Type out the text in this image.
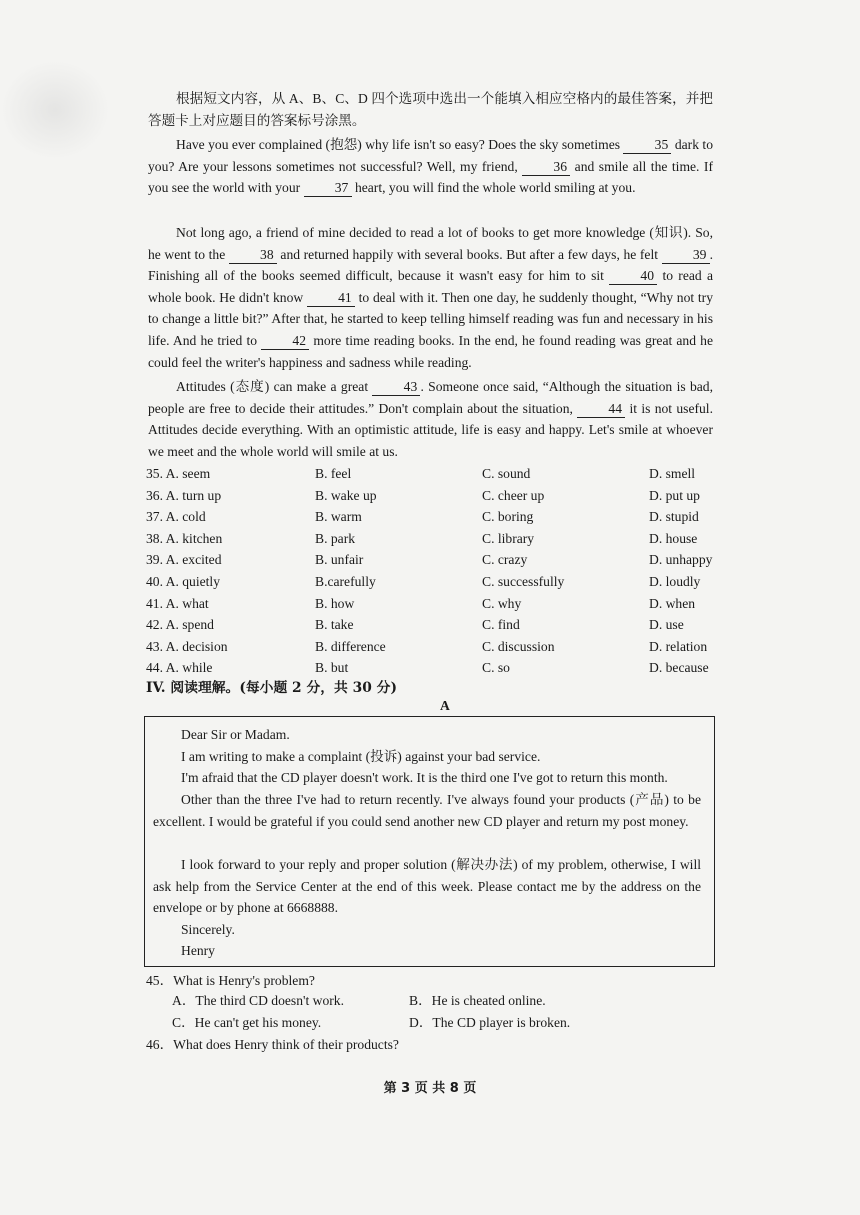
根据短文内容，从 A、B、C、D 四个选项中选出一个能填入相应空格内的最佳答案，并把答题卡上对应题目的答案标号涂黑。
Have you ever complained (抱怨) why life isn't so easy? Does the sky sometimes 35 dark to you? Are your lessons sometimes not successful? Well, my friend, 36 and smile all the time. If you see the world with your 37 heart, you will find the whole world smiling at you.
Not long ago, a friend of mine decided to read a lot of books to get more knowledge (知识). So, he went to the 38 and returned happily with several books. But after a few days, he felt 39 . Finishing all of the books seemed difficult, because it wasn't easy for him to sit 40 to read a whole book. He didn't know 41 to deal with it. Then one day, he suddenly thought, “Why not try to change a little bit?” After that, he started to keep telling himself reading was fun and necessary in his life. And he tried to 42 more time reading books. In the end, he found reading was great and he could feel the writer's happiness and sadness while reading.
Attitudes (态度) can make a great 43 . Someone once said, “Although the situation is bad, people are free to decide their attitudes.” Don't complain about the situation, 44 it is not useful. Attitudes decide everything. With an optimistic attitude, life is easy and happy. Let's smile at whoever we meet and the whole world will smile at us.
35. A. seem	B. feel	C. sound	D. smell
36. A. turn up	B. wake up	C. cheer up	D. put up
37. A. cold	B. warm	C. boring	D. stupid
38. A. kitchen	B. park	C. library	D. house
39. A. excited	B. unfair	C. crazy	D. unhappy
40. A. quietly	B.carefully	C. successfully	D. loudly
41. A. what	B. how	C. why	D. when
42. A. spend	B. take	C. find	D. use
43. A. decision	B. difference	C. discussion	D. relation
44. A. while	B. but	C. so	D. because
IV. 阅读理解。(每小题 2 分，共 30 分)
A
Dear Sir or Madam.
I am writing to make a complaint (投诉) against your bad service.
I'm afraid that the CD player doesn't work. It is the third one I've got to return this month.
Other than the three I've had to return recently. I've always found your products (产品) to be excellent. I would be grateful if you could send another new CD player and return my post money.
I look forward to your reply and proper solution (解决办法) of my problem, otherwise, I will ask help from the Service Center at the end of this week. Please contact me by the address on the envelope or by phone at 6668888.
Sincerely.
Henry
45．What is Henry's problem?
A．The third CD doesn't work.	B．He is cheated online.
C．He can't get his money.	D．The CD player is broken.
46．What does Henry think of their products?
第 3 页 共 8 页
